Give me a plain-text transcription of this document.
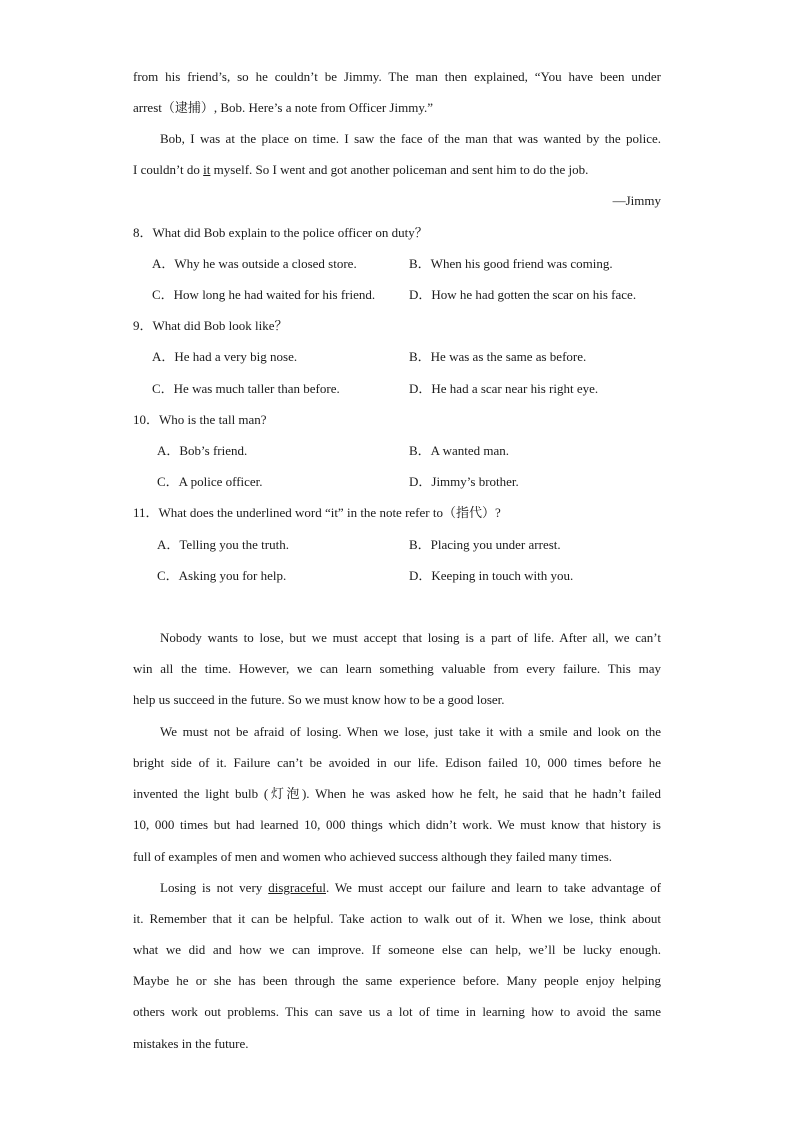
from his friend’s, so he couldn’t be Jimmy. The man then explained, “You have been under
arrest（逮捕）, Bob. Here’s a note from Officer Jimmy.”
Bob, I was at the place on time. I saw the face of the man that was wanted by the police.
I couldn’t do it myself. So I went and got another policeman and sent him to do the job.
—Jimmy
8．What did Bob explain to the police officer on duty？
A．Why he was outside a closed store.	B．When his good friend was coming.
C．How long he had waited for his friend.	D．How he had gotten the scar on his face.
9．What did Bob look like？
A．He had a very big nose.	B．He was as the same as before.
C．He was much taller than before.	D．He had a scar near his right eye.
10．Who is the tall man?
A．Bob’s friend.	B．A wanted man.
C．A police officer.	D．Jimmy’s brother.
11．What does the underlined word “it” in the note refer to（指代）?
A．Telling you the truth.	B．Placing you under arrest.
C．Asking you for help.	D．Keeping in touch with you.
Nobody wants to lose, but we must accept that losing is a part of life. After all, we can’t
win all the time. However, we can learn something valuable from every failure. This may
help us succeed in the future. So we must know how to be a good loser.
We must not be afraid of losing. When we lose, just take it with a smile and look on the
bright side of it. Failure can’t be avoided in our life. Edison failed 10, 000 times before he
invented the light bulb (灯泡). When he was asked how he felt, he said that he hadn’t failed
10, 000 times but had learned 10, 000 things which didn’t work. We must know that history is
full of examples of men and women who achieved success although they failed many times.
Losing is not very disgraceful. We must accept our failure and learn to take advantage of
it. Remember that it can be helpful. Take action to walk out of it. When we lose, think about
what we did and how we can improve. If someone else can help, we’ll be lucky enough.
Maybe he or she has been through the same experience before. Many people enjoy helping
others work out problems. This can save us a lot of time in learning how to avoid the same
mistakes in the future.
